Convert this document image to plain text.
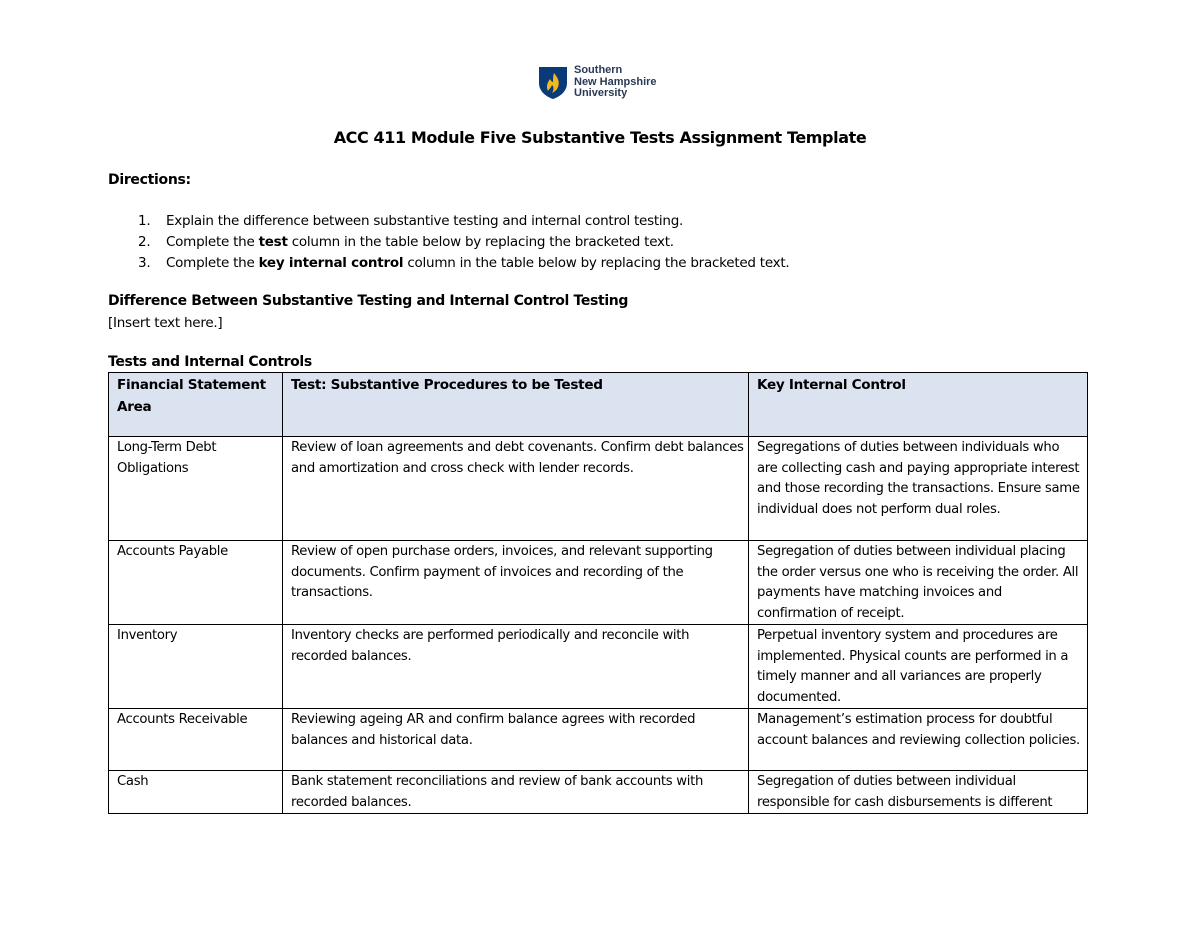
Southern
New Hampshire
University
ACC 411 Module Five Substantive Tests Assignment Template
Directions:
1. Explain the difference between substantive testing and internal control testing.
2. Complete the test column in the table below by replacing the bracketed text.
3. Complete the key internal control column in the table below by replacing the bracketed text.
Difference Between Substantive Testing and Internal Control Testing
[Insert text here.]
Tests and Internal Controls
Financial Statement Area	Test: Substantive Procedures to be Tested	Key Internal Control
Long-Term Debt Obligations	Review of loan agreements and debt covenants. Confirm debt balances and amortization and cross check with lender records.	Segregations of duties between individuals who are collecting cash and paying appropriate interest and those recording the transactions. Ensure same individual does not perform dual roles.
Accounts Payable	Review of open purchase orders, invoices, and relevant supporting documents. Confirm payment of invoices and recording of the transactions.	Segregation of duties between individual placing the order versus one who is receiving the order. All payments have matching invoices and confirmation of receipt.
Inventory	Inventory checks are performed periodically and reconcile with recorded balances.	Perpetual inventory system and procedures are implemented. Physical counts are performed in a timely manner and all variances are properly documented.
Accounts Receivable	Reviewing ageing AR and confirm balance agrees with recorded balances and historical data.	Management’s estimation process for doubtful account balances and reviewing collection policies.
Cash	Bank statement reconciliations and review of bank accounts with recorded balances.	Segregation of duties between individual responsible for cash disbursements is different
